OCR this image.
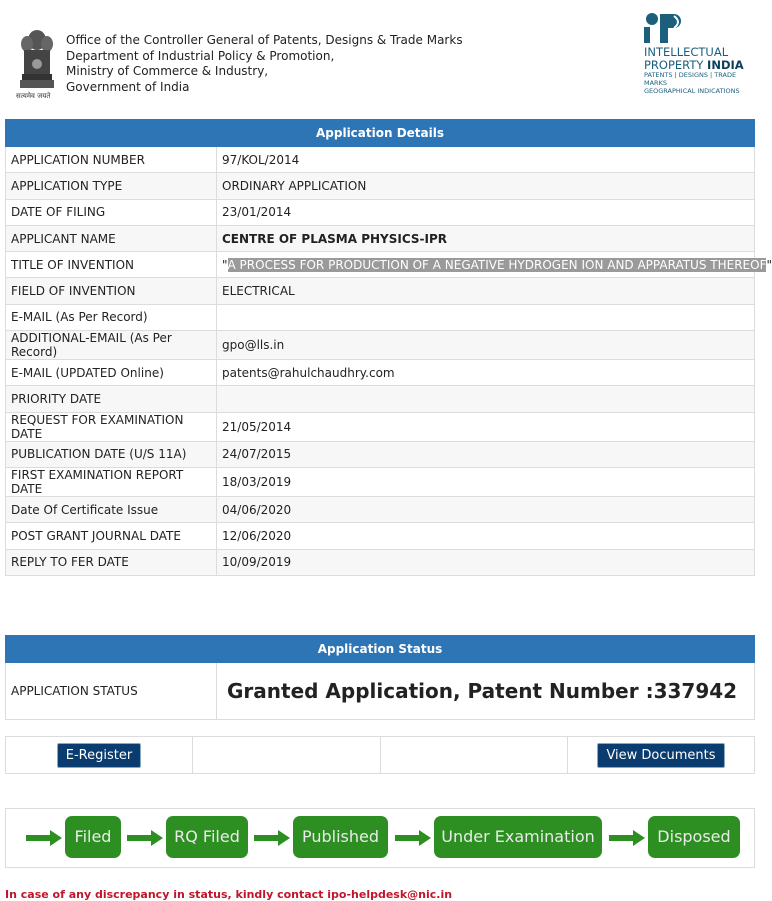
सत्यमेव जयते
Office of the Controller General of Patents, Designs & Trade Marks
Department of Industrial Policy & Promotion,
Ministry of Commerce & Industry,
Government of India
INTELLECTUAL
PROPERTY INDIA
PATENTS | DESIGNS | TRADE MARKS
GEOGRAPHICAL INDICATIONS
Application Details	
APPLICATION NUMBER	97/KOL/2014
APPLICATION TYPE	ORDINARY APPLICATION
DATE OF FILING	23/01/2014
APPLICANT NAME	CENTRE OF PLASMA PHYSICS-IPR
TITLE OF INVENTION	"A PROCESS FOR PRODUCTION OF A NEGATIVE HYDROGEN ION AND APPARATUS THEREOF"
FIELD OF INVENTION	ELECTRICAL
E-MAIL (As Per Record)	
ADDITIONAL-EMAIL (As Per Record)	gpo@lls.in
E-MAIL (UPDATED Online)	patents@rahulchaudhry.com
PRIORITY DATE	
REQUEST FOR EXAMINATION DATE	21/05/2014
PUBLICATION DATE (U/S 11A)	24/07/2015
FIRST EXAMINATION REPORT DATE	18/03/2019
Date Of Certificate Issue	04/06/2020
POST GRANT JOURNAL DATE	12/06/2020
REPLY TO FER DATE	10/09/2019
Application Status
APPLICATION STATUS	Granted Application, Patent Number :337942
E-Register			View Documents
Filed	RQ Filed	Published	Under Examination	Disposed
In case of any discrepancy in status, kindly contact ipo-helpdesk@nic.in
